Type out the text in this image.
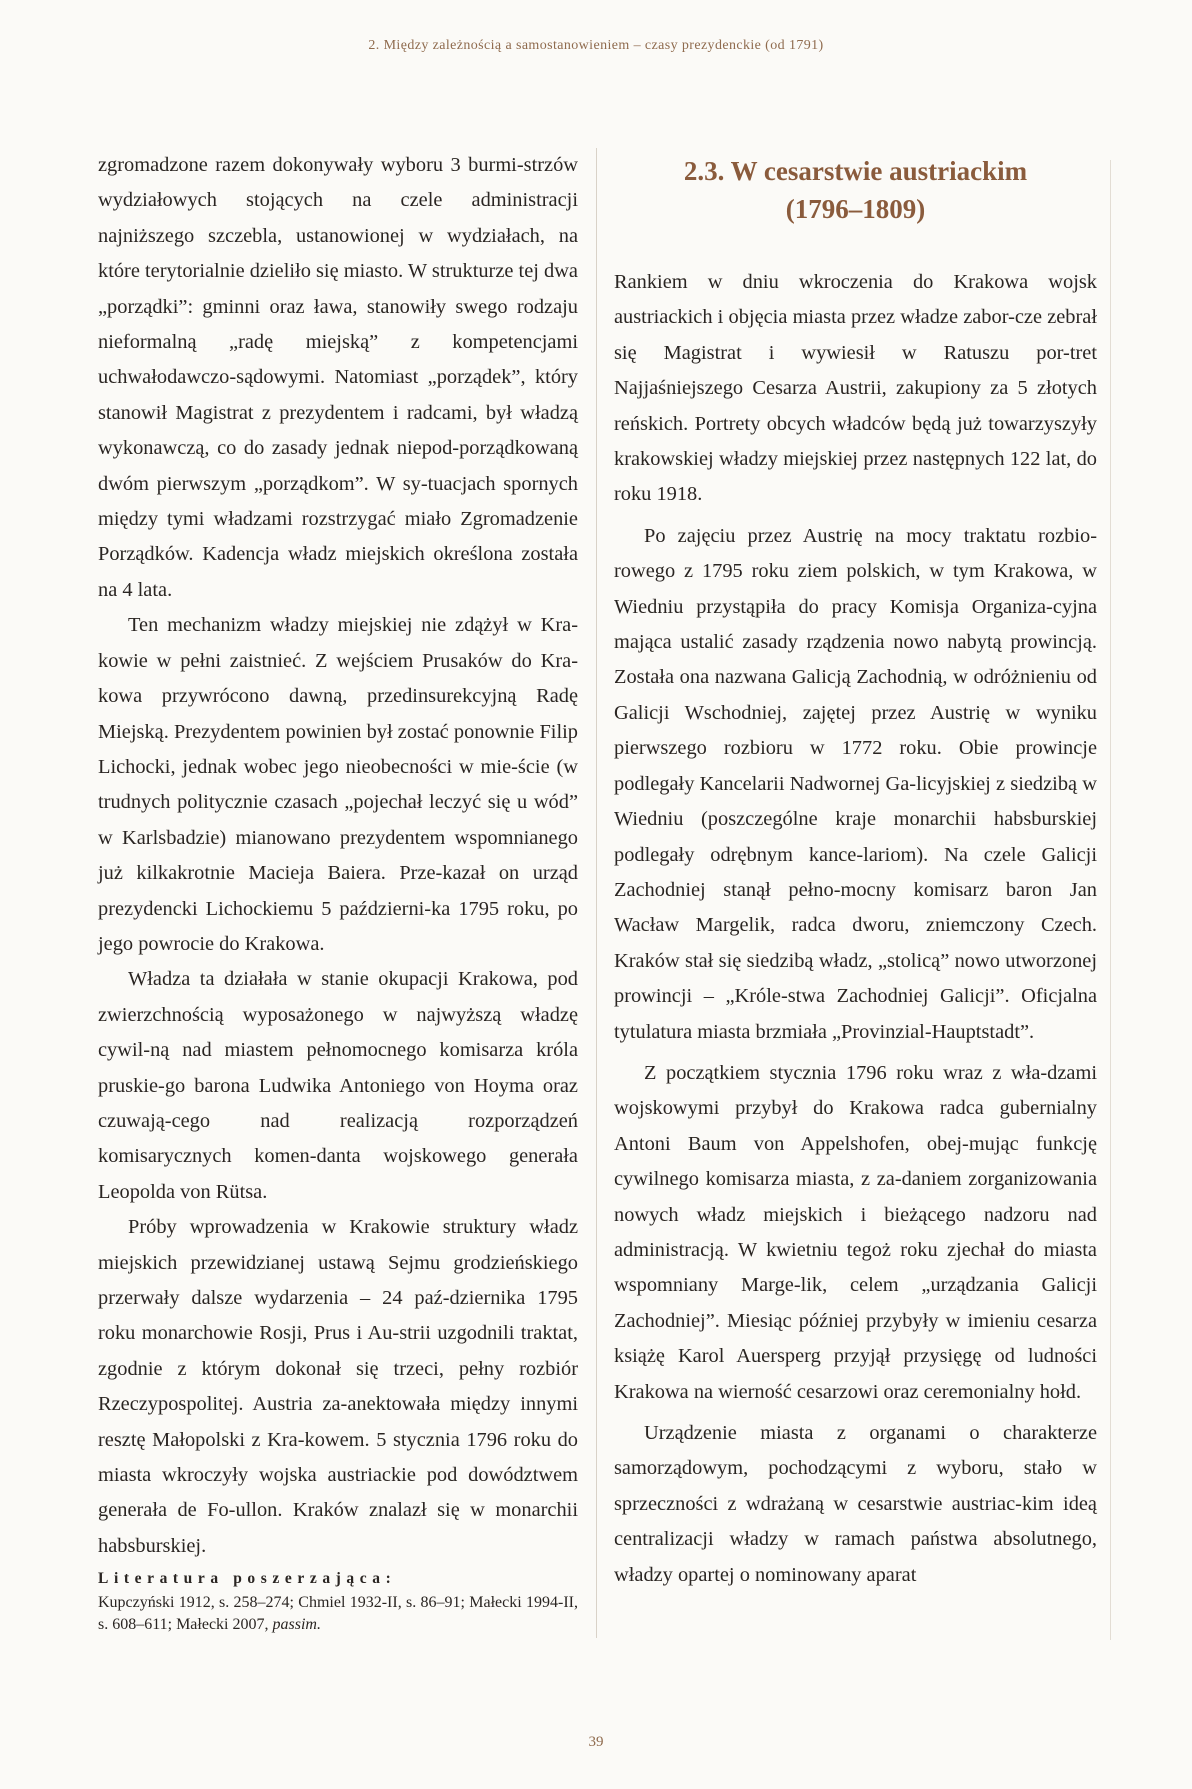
2. Między zależnością a samostanowieniem – czasy prezydenckie (od 1791)

zgromadzone razem dokonywały wyboru 3 burmi-strzów wydziałowych stojących na czele administracji najniższego szczebla, ustanowionej w wydziałach, na które terytorialnie dzieliło się miasto. W strukturze tej dwa „porządki”: gminni oraz ława, stanowiły swego rodzaju nieformalną „radę miejską” z kompetencjami uchwałodawczo-sądowymi. Natomiast „porządek”, który stanowił Magistrat z prezydentem i radcami, był władzą wykonawczą, co do zasady jednak niepod-porządkowaną dwóm pierwszym „porządkom”. W sy-tuacjach spornych między tymi władzami rozstrzygać miało Zgromadzenie Porządków. Kadencja władz miejskich określona została na 4 lata.

Ten mechanizm władzy miejskiej nie zdążył w Kra-kowie w pełni zaistnieć. Z wejściem Prusaków do Kra-kowa przywrócono dawną, przedinsurekcyjną Radę Miejską. Prezydentem powinien był zostać ponownie Filip Lichocki, jednak wobec jego nieobecności w mie-ście (w trudnych politycznie czasach „pojechał leczyć się u wód” w Karlsbadzie) mianowano prezydentem wspomnianego już kilkakrotnie Macieja Baiera. Prze-kazał on urząd prezydencki Lichockiemu 5 październi-ka 1795 roku, po jego powrocie do Krakowa.

Władza ta działała w stanie okupacji Krakowa, pod zwierzchnością wyposażonego w najwyższą władzę cywil-ną nad miastem pełnomocnego komisarza króla pruskie-go barona Ludwika Antoniego von Hoyma oraz czuwają-cego nad realizacją rozporządzeń komisarycznych komen-danta wojskowego generała Leopolda von Rütsa.

Próby wprowadzenia w Krakowie struktury władz miejskich przewidzianej ustawą Sejmu grodzieńskiego przerwały dalsze wydarzenia – 24 paź-dziernika 1795 roku monarchowie Rosji, Prus i Au-strii uzgodnili traktat, zgodnie z którym dokonał się trzeci, pełny rozbiór Rzeczypospolitej. Austria za-anektowała między innymi resztę Małopolski z Kra-kowem. 5 stycznia 1796 roku do miasta wkroczyły wojska austriackie pod dowództwem generała de Fo-ullon. Kraków znalazł się w monarchii habsburskiej.

Literatura poszerzająca:
Kupczyński 1912, s. 258–274; Chmiel 1932-II, s. 86–91; Małecki 1994-II, s. 608–611; Małecki 2007, passim.
2.3. W cesarstwie austriackim
(1796–1809)

Rankiem w dniu wkroczenia do Krakowa wojsk austriackich i objęcia miasta przez władze zabor-cze zebrał się Magistrat i wywiesił w Ratuszu por-tret Najjaśniejszego Cesarza Austrii, zakupiony za 5 złotych reńskich. Portrety obcych władców będą już towarzyszyły krakowskiej władzy miejskiej przez następnych 122 lat, do roku 1918.

Po zajęciu przez Austrię na mocy traktatu rozbio-rowego z 1795 roku ziem polskich, w tym Krakowa, w Wiedniu przystąpiła do pracy Komisja Organiza-cyjna mająca ustalić zasady rządzenia nowo nabytą prowincją. Została ona nazwana Galicją Zachodnią, w odróżnieniu od Galicji Wschodniej, zajętej przez Austrię w wyniku pierwszego rozbioru w 1772 roku. Obie prowincje podlegały Kancelarii Nadwornej Ga-licyjskiej z siedzibą w Wiedniu (poszczególne kraje monarchii habsburskiej podlegały odrębnym kance-lariom). Na czele Galicji Zachodniej stanął pełno-mocny komisarz baron Jan Wacław Margelik, radca dworu, zniemczony Czech. Kraków stał się siedzibą władz, „stolicą” nowo utworzonej prowincji – „Króle-stwa Zachodniej Galicji”. Oficjalna tytulatura miasta brzmiała „Provinzial-Hauptstadt”.

Z początkiem stycznia 1796 roku wraz z wła-dzami wojskowymi przybył do Krakowa radca gubernialny Antoni Baum von Appelshofen, obej-mując funkcję cywilnego komisarza miasta, z za-daniem zorganizowania nowych władz miejskich i bieżącego nadzoru nad administracją. W kwietniu tegoż roku zjechał do miasta wspomniany Marge-lik, celem „urządzania Galicji Zachodniej”. Miesiąc później przybyły w imieniu cesarza książę Karol Auersperg przyjął przysięgę od ludności Krakowa na wierność cesarzowi oraz ceremonialny hołd.

Urządzenie miasta z organami o charakterze samorządowym, pochodzącymi z wyboru, stało w sprzeczności z wdrażaną w cesarstwie austriac-kim ideą centralizacji władzy w ramach państwa absolutnego, władzy opartej o nominowany aparat

39
